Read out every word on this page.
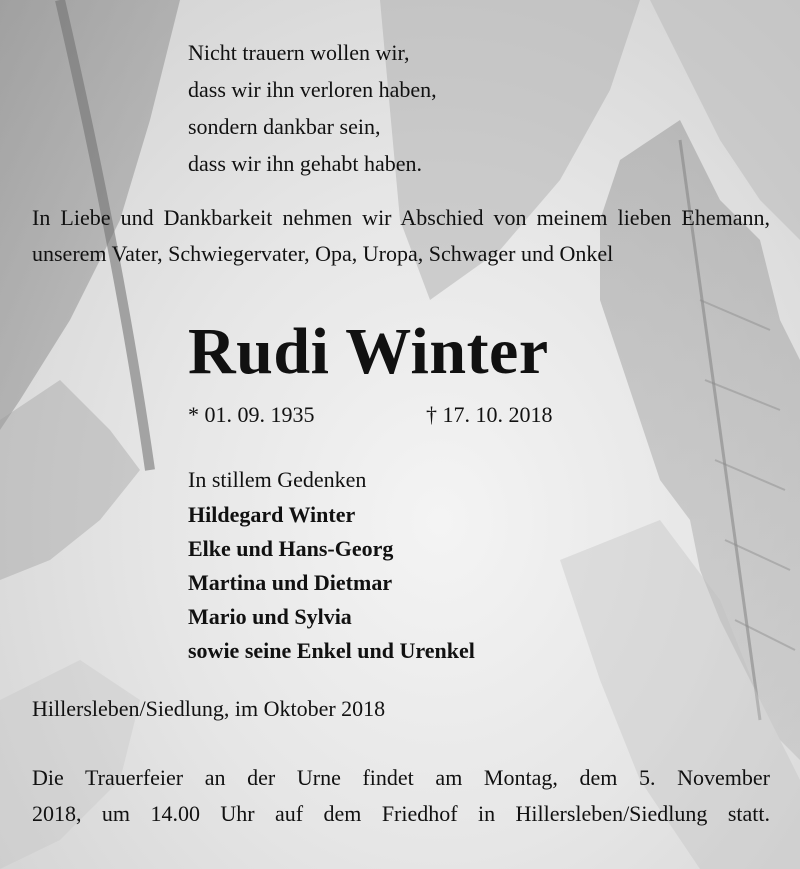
Nicht trauern wollen wir,
dass wir ihn verloren haben,
sondern dankbar sein,
dass wir ihn gehabt haben.
In Liebe und Dankbarkeit nehmen wir Abschied von meinem lieben Ehemann, unserem Vater, Schwiegervater, Opa, Uropa, Schwager und Onkel
Rudi Winter
* 01. 09. 1935	† 17. 10. 2018
In stillem Gedenken
Hildegard Winter
Elke und Hans-Georg
Martina und Dietmar
Mario und Sylvia
sowie seine Enkel und Urenkel
Hillersleben/Siedlung, im Oktober 2018
Die Trauerfeier an der Urne findet am Montag, dem 5. November
2018, um 14.00 Uhr auf dem Friedhof in Hillersleben/Siedlung statt.
